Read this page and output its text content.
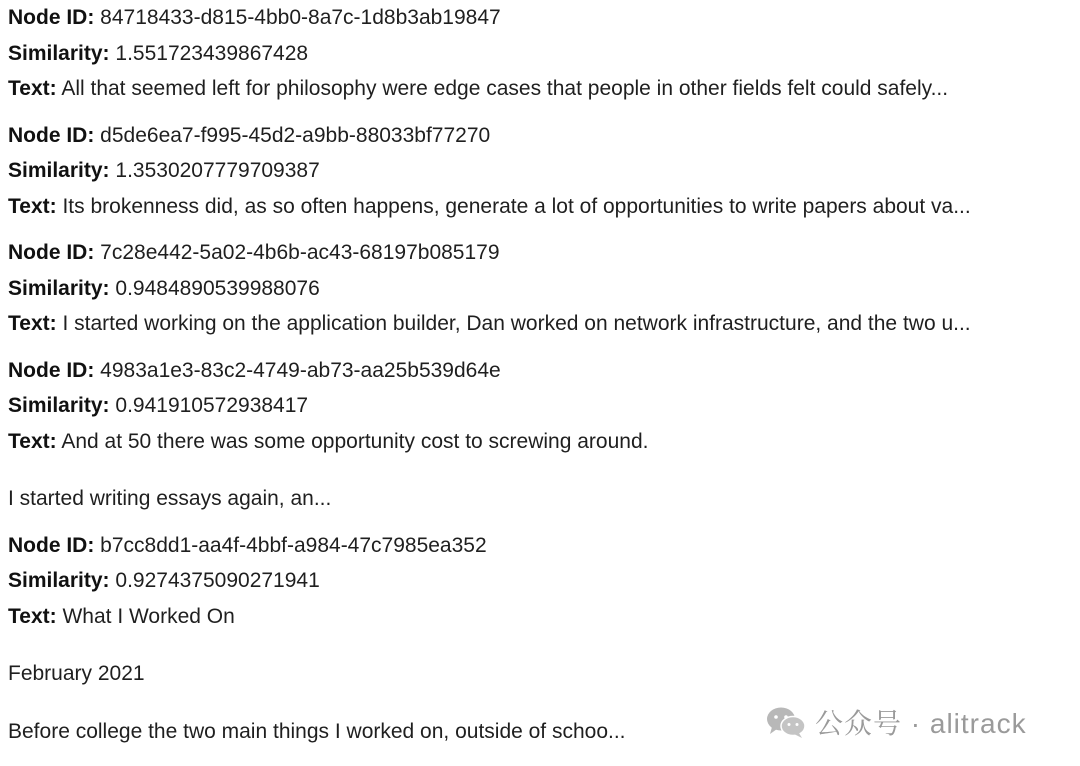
Node ID: 84718433-d815-4bb0-8a7c-1d8b3ab19847
Similarity: 1.551723439867428
Text: All that seemed left for philosophy were edge cases that people in other fields felt could safely...
Node ID: d5de6ea7-f995-45d2-a9bb-88033bf77270
Similarity: 1.3530207779709387
Text: Its brokenness did, as so often happens, generate a lot of opportunities to write papers about va...
Node ID: 7c28e442-5a02-4b6b-ac43-68197b085179
Similarity: 0.9484890539988076
Text: I started working on the application builder, Dan worked on network infrastructure, and the two u...
Node ID: 4983a1e3-83c2-4749-ab73-aa25b539d64e
Similarity: 0.941910572938417
Text: And at 50 there was some opportunity cost to screwing around.
I started writing essays again, an...
Node ID: b7cc8dd1-aa4f-4bbf-a984-47c7985ea352
Similarity: 0.9274375090271941
Text: What I Worked On
February 2021
Before college the two main things I worked on, outside of schoo...	公众号 · alitrack
